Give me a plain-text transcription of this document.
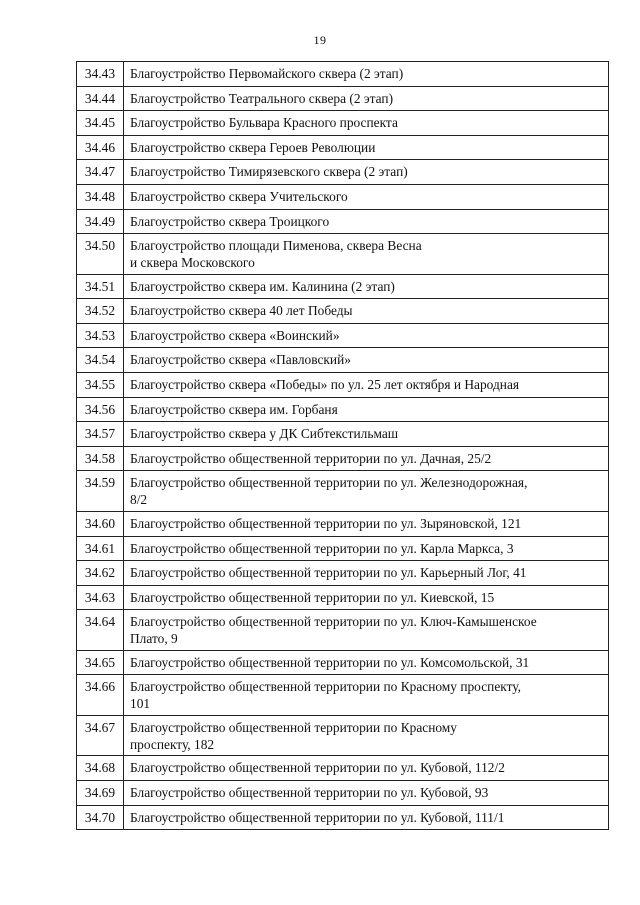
19
34.43	Благоустройство Первомайского сквера (2 этап)
34.44	Благоустройство Театрального сквера (2 этап)
34.45	Благоустройство Бульвара Красного проспекта
34.46	Благоустройство сквера Героев Революции
34.47	Благоустройство Тимирязевского сквера (2 этап)
34.48	Благоустройство сквера Учительского
34.49	Благоустройство сквера Троицкого
34.50	Благоустройство площади Пименова, сквера Весна
и сквера Московского
34.51	Благоустройство сквера им. Калинина (2 этап)
34.52	Благоустройство сквера 40 лет Победы
34.53	Благоустройство сквера «Воинский»
34.54	Благоустройство сквера «Павловский»
34.55	Благоустройство сквера «Победы» по ул. 25 лет октября и Народная
34.56	Благоустройство сквера им. Горбаня
34.57	Благоустройство сквера у ДК Сибтекстильмаш
34.58	Благоустройство общественной территории по ул. Дачная, 25/2
34.59	Благоустройство общественной территории по ул. Железнодорожная,
8/2
34.60	Благоустройство общественной территории по ул. Зыряновской, 121
34.61	Благоустройство общественной территории по ул. Карла Маркса, 3
34.62	Благоустройство общественной территории по ул. Карьерный Лог, 41
34.63	Благоустройство общественной территории по ул. Киевской, 15
34.64	Благоустройство общественной территории по ул. Ключ-Камышенское
Плато, 9
34.65	Благоустройство общественной территории по ул. Комсомольской, 31
34.66	Благоустройство общественной территории по Красному проспекту,
101
34.67	Благоустройство общественной территории по Красному
проспекту, 182
34.68	Благоустройство общественной территории по ул. Кубовой, 112/2
34.69	Благоустройство общественной территории по ул. Кубовой, 93
34.70	Благоустройство общественной территории по ул. Кубовой, 111/1
